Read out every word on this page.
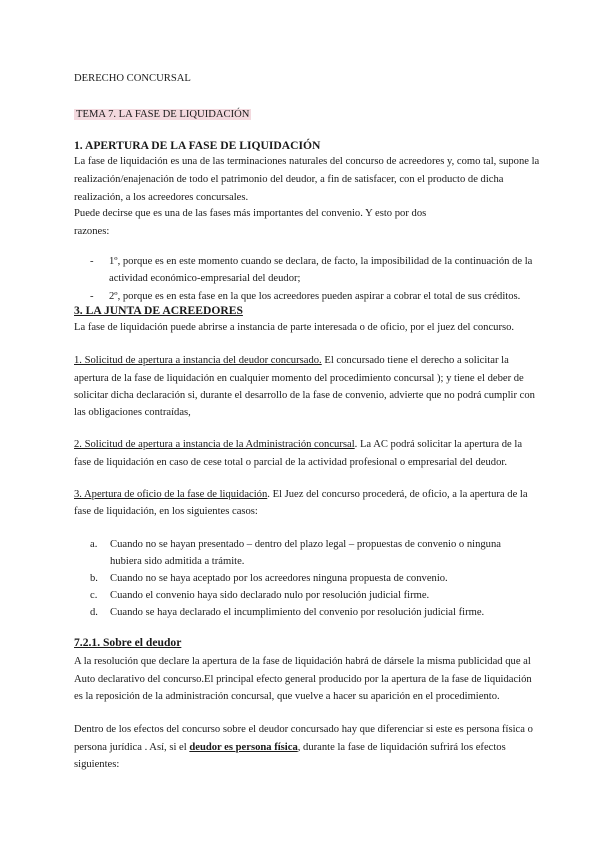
DERECHO CONCURSAL
TEMA 7. LA FASE DE LIQUIDACIÓN
1. APERTURA DE LA FASE DE LIQUIDACIÓN
La fase de liquidación es una de las terminaciones naturales del concurso de acreedores y, como tal, supone la
realización/enajenación de todo el patrimonio del deudor, a fin de satisfacer, con el producto de dicha
realización, a los acreedores concursales.
Puede decirse que es una de las fases más importantes del convenio. Y esto por dos
razones:
- 1º, porque es en este momento cuando se declara, de facto, la imposibilidad de la continuación de la
actividad económico-empresarial del deudor;
- 2º, porque es en esta fase en la que los acreedores pueden aspirar a cobrar el total de sus créditos.
3. LA JUNTA DE ACREEDORES
La fase de liquidación puede abrirse a instancia de parte interesada o de oficio, por el juez del concurso.
1. Solicitud de apertura a instancia del deudor concursado. El concursado tiene el derecho a solicitar la
apertura de la fase de liquidación en cualquier momento del procedimiento concursal ); y tiene el deber de
solicitar dicha declaración si, durante el desarrollo de la fase de convenio, advierte que no podrá cumplir con
las obligaciones contraídas,
2. Solicitud de apertura a instancia de la Administración concursal. La AC podrá solicitar la apertura de la
fase de liquidación en caso de cese total o parcial de la actividad profesional o empresarial del deudor.
3. Apertura de oficio de la fase de liquidación. El Juez del concurso procederá, de oficio, a la apertura de la
fase de liquidación, en los siguientes casos:
a.	Cuando no se hayan presentado – dentro del plazo legal – propuestas de convenio o ninguna
hubiera sido admitida a trámite.
b.	Cuando no se haya aceptado por los acreedores ninguna propuesta de convenio.
c.	Cuando el convenio haya sido declarado nulo por resolución judicial firme.
d.	Cuando se haya declarado el incumplimiento del convenio por resolución judicial firme.
7.2.1. Sobre el deudor
A la resolución que declare la apertura de la fase de liquidación habrá de dársele la misma publicidad que al
Auto declarativo del concurso.El principal efecto general producido por la apertura de la fase de liquidación
es la reposición de la administración concursal, que vuelve a hacer su aparición en el procedimiento.
Dentro de los efectos del concurso sobre el deudor concursado hay que diferenciar si este es persona física o
persona jurídica . Así, si el deudor es persona física, durante la fase de liquidación sufrirá los efectos
siguientes:
